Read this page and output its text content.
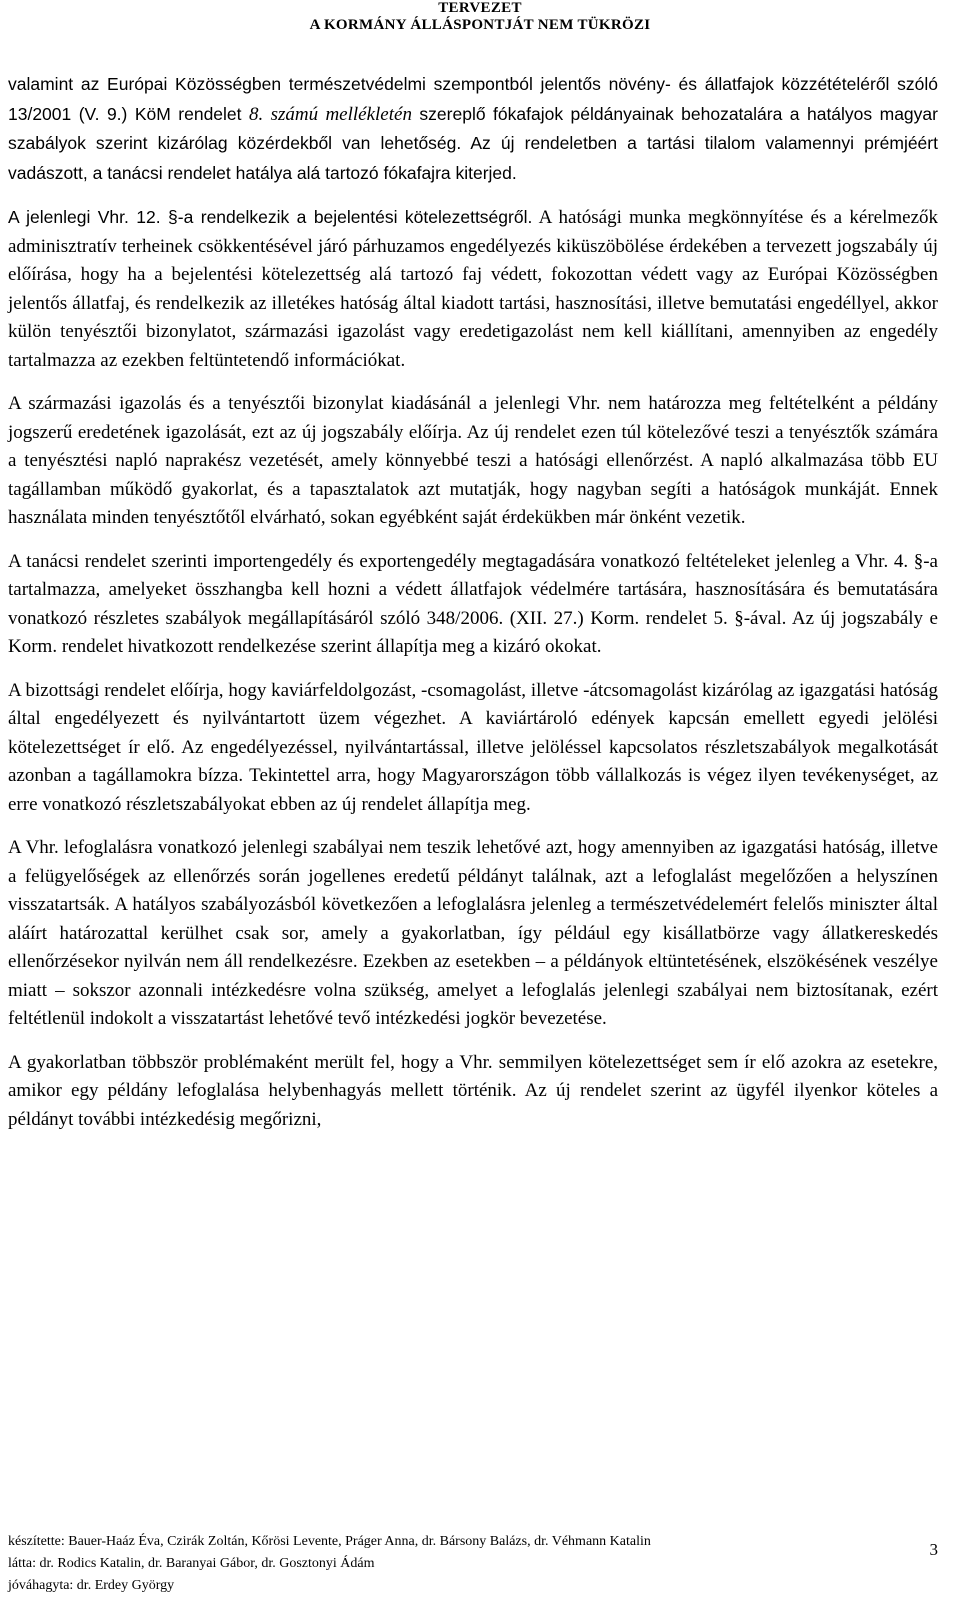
TERVEZET
A KORMÁNY ÁLLÁSPONTJÁT NEM TÜKRÖZI

valamint az Európai Közösségben természetvédelmi szempontból jelentős növény- és állatfajok közzétételéről szóló 13/2001 (V. 9.) KöM rendelet 8. számú mellékletén szereplő fókafajok példányainak behozatalára a hatályos magyar szabályok szerint kizárólag közérdekből van lehetőség. Az új rendeletben a tartási tilalom valamennyi prémjéért vadászott, a tanácsi rendelet hatálya alá tartozó fókafajra kiterjed.

A jelenlegi Vhr. 12. §-a rendelkezik a bejelentési kötelezettségről. A hatósági munka megkönnyítése és a kérelmezők adminisztratív terheinek csökkentésével járó párhuzamos engedélyezés kiküszöbölése érdekében a tervezett jogszabály új előírása, hogy ha a bejelentési kötelezettség alá tartozó faj védett, fokozottan védett vagy az Európai Közösségben jelentős állatfaj, és rendelkezik az illetékes hatóság által kiadott tartási, hasznosítási, illetve bemutatási engedéllyel, akkor külön tenyésztői bizonylatot, származási igazolást vagy eredetigazolást nem kell kiállítani, amennyiben az engedély tartalmazza az ezekben feltüntetendő információkat.

A származási igazolás és a tenyésztői bizonylat kiadásánál a jelenlegi Vhr. nem határozza meg feltételként a példány jogszerű eredetének igazolását, ezt az új jogszabály előírja. Az új rendelet ezen túl kötelezővé teszi a tenyésztők számára a tenyésztési napló naprakész vezetését, amely könnyebbé teszi a hatósági ellenőrzést. A napló alkalmazása több EU tagállamban működő gyakorlat, és a tapasztalatok azt mutatják, hogy nagyban segíti a hatóságok munkáját. Ennek használata minden tenyésztőtől elvárható, sokan egyébként saját érdekükben már önként vezetik.

A tanácsi rendelet szerinti importengedély és exportengedély megtagadására vonatkozó feltételeket jelenleg a Vhr. 4. §-a tartalmazza, amelyeket összhangba kell hozni a védett állatfajok védelmére tartására, hasznosítására és bemutatására vonatkozó részletes szabályok megállapításáról szóló 348/2006. (XII. 27.) Korm. rendelet 5. §-ával. Az új jogszabály e Korm. rendelet hivatkozott rendelkezése szerint állapítja meg a kizáró okokat.

A bizottsági rendelet előírja, hogy kaviárfeldolgozást, -csomagolást, illetve -átcsomagolást kizárólag az igazgatási hatóság által engedélyezett és nyilvántartott üzem végezhet. A kaviártároló edények kapcsán emellett egyedi jelölési kötelezettséget ír elő. Az engedélyezéssel, nyilvántartással, illetve jelöléssel kapcsolatos részletszabályok megalkotását azonban a tagállamokra bízza. Tekintettel arra, hogy Magyarországon több vállalkozás is végez ilyen tevékenységet, az erre vonatkozó részletszabályokat ebben az új rendelet állapítja meg.

A Vhr. lefoglalásra vonatkozó jelenlegi szabályai nem teszik lehetővé azt, hogy amennyiben az igazgatási hatóság, illetve a felügyelőségek az ellenőrzés során jogellenes eredetű példányt találnak, azt a lefoglalást megelőzően a helyszínen visszatartsák. A hatályos szabályozásból következően a lefoglalásra jelenleg a természetvédelemért felelős miniszter által aláírt határozattal kerülhet csak sor, amely a gyakorlatban, így például egy kisállatbörze vagy állatkereskedés ellenőrzésekor nyilván nem áll rendelkezésre. Ezekben az esetekben – a példányok eltüntetésének, elszökésének veszélye miatt – sokszor azonnali intézkedésre volna szükség, amelyet a lefoglalás jelenlegi szabályai nem biztosítanak, ezért feltétlenül indokolt a visszatartást lehetővé tevő intézkedési jogkör bevezetése.

A gyakorlatban többször problémaként merült fel, hogy a Vhr. semmilyen kötelezettséget sem ír elő azokra az esetekre, amikor egy példány lefoglalása helybenhagyás mellett történik. Az új rendelet szerint az ügyfél ilyenkor köteles a példányt további intézkedésig megőrizni,

készítette: Bauer-Haáz Éva, Czirák Zoltán, Kőrösi Levente, Práger Anna, dr. Bársony Balázs, dr. Véhmann Katalin
látta: dr. Rodics Katalin, dr. Baranyai Gábor, dr. Gosztonyi Ádám
jóváhagyta: dr. Erdey György
3
